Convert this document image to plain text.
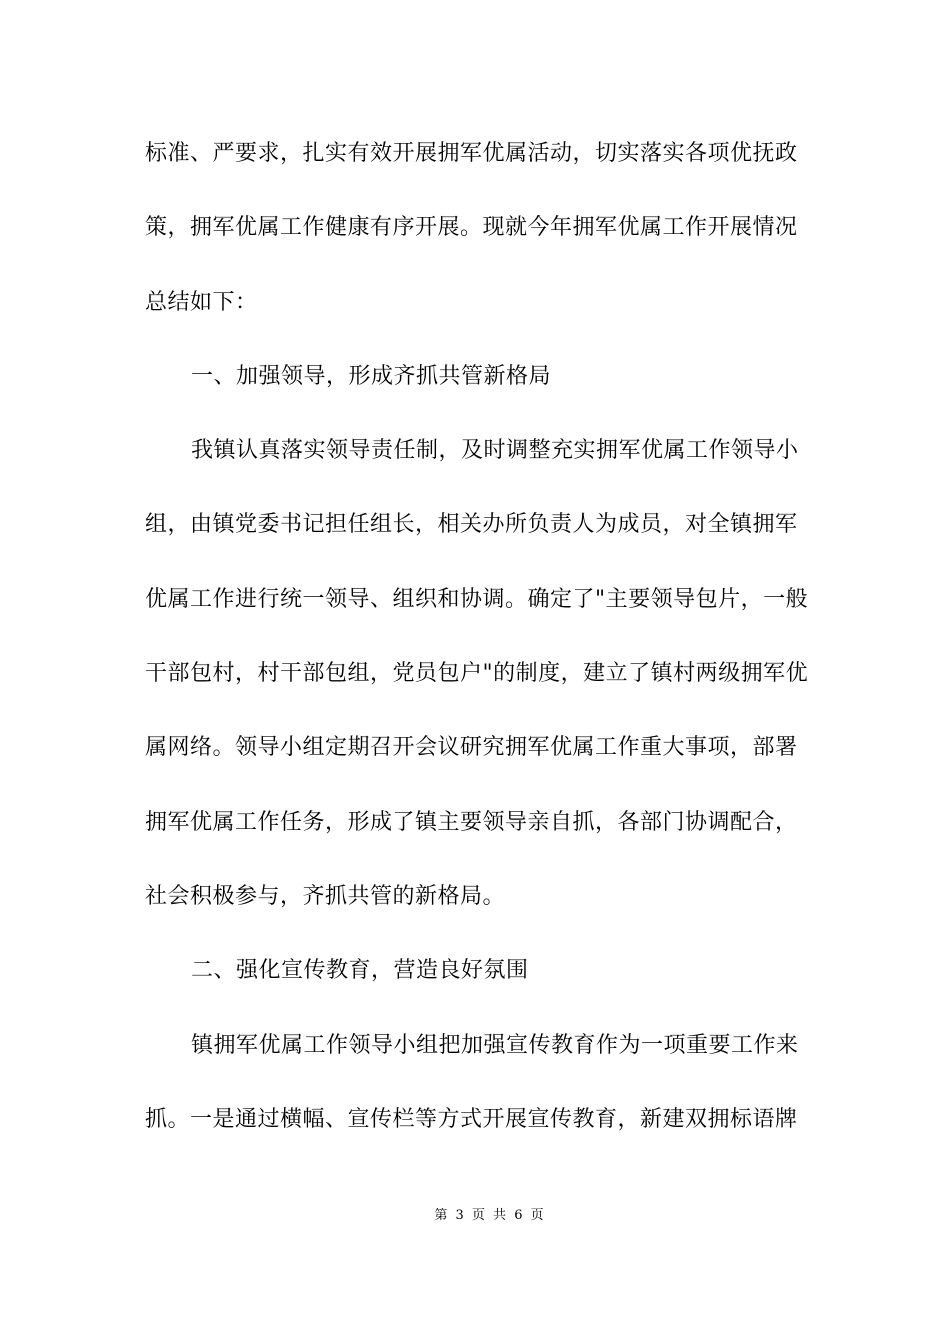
标准、严要求，扎实有效开展拥军优属活动，切实落实各项优抚政
策，拥军优属工作健康有序开展。现就今年拥军优属工作开展情况
总结如下：
一、加强领导，形成齐抓共管新格局
我镇认真落实领导责任制，及时调整充实拥军优属工作领导小
组，由镇党委书记担任组长，相关办所负责人为成员，对全镇拥军
优属工作进行统一领导、组织和协调。确定了"主要领导包片，一般
干部包村，村干部包组，党员包户"的制度，建立了镇村两级拥军优
属网络。领导小组定期召开会议研究拥军优属工作重大事项，部署
拥军优属工作任务，形成了镇主要领导亲自抓，各部门协调配合，
社会积极参与，齐抓共管的新格局。
二、强化宣传教育，营造良好氛围
镇拥军优属工作领导小组把加强宣传教育作为一项重要工作来
抓。一是通过横幅、宣传栏等方式开展宣传教育，新建双拥标语牌
第 3 页 共 6 页
